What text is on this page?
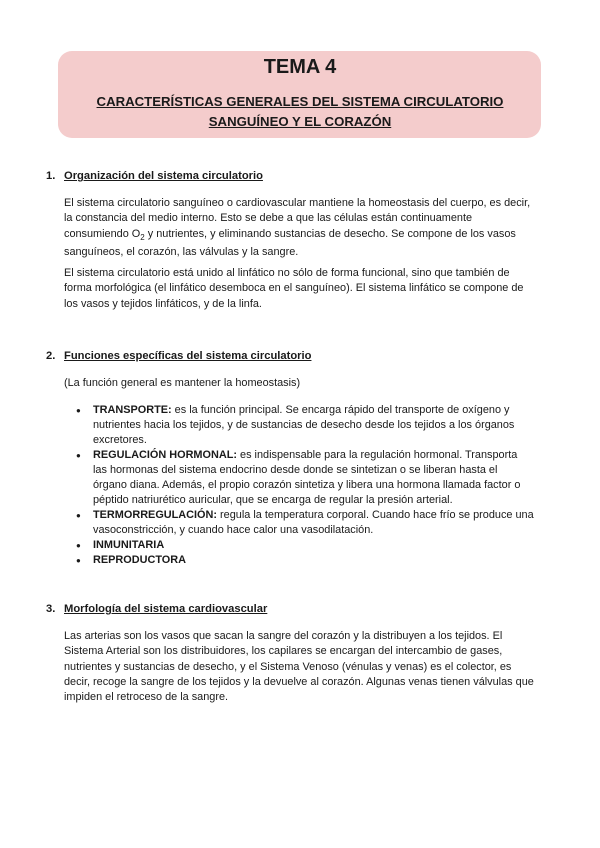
TEMA 4
CARACTERÍSTICAS GENERALES DEL SISTEMA CIRCULATORIO
SANGUÍNEO Y EL CORAZÓN
1. Organización del sistema circulatorio

El sistema circulatorio sanguíneo o cardiovascular mantiene la homeostasis del cuerpo, es decir, la constancia del medio interno. Esto se debe a que las células están continuamente consumiendo $O_2$ y nutrientes, y eliminando sustancias de desecho. Se compone de los vasos sanguíneos, el corazón, las válvulas y la sangre.

El sistema circulatorio está unido al linfático no sólo de forma funcional, sino que también de forma morfológica (el linfático desemboca en el sanguíneo). El sistema linfático se compone de los vasos y tejidos linfáticos, y de la linfa.

2. Funciones específicas del sistema circulatorio

(La función general es mantener la homeostasis)

● TRANSPORTE: es la función principal. Se encarga rápido del transporte de oxígeno y nutrientes hacia los tejidos, y de sustancias de desecho desde los tejidos a los órganos excretores.
● REGULACIÓN HORMONAL: es indispensable para la regulación hormonal. Transporta las hormonas del sistema endocrino desde donde se sintetizan o se liberan hasta el órgano diana. Además, el propio corazón sintetiza y libera una hormona llamada factor o péptido natriurético auricular, que se encarga de regular la presión arterial.
● TERMORREGULACIÓN: regula la temperatura corporal. Cuando hace frío se produce una vasoconstricción, y cuando hace calor una vasodilatación.
● INMUNITARIA
● REPRODUCTORA
3. Morfología del sistema cardiovascular

Las arterias son los vasos que sacan la sangre del corazón y la distribuyen a los tejidos. El Sistema Arterial son los distribuidores, los capilares se encargan del intercambio de gases, nutrientes y sustancias de desecho, y el Sistema Venoso (vénulas y venas) es el colector, es decir, recoge la sangre de los tejidos y la devuelve al corazón. Algunas venas tienen válvulas que impiden el retroceso de la sangre.
